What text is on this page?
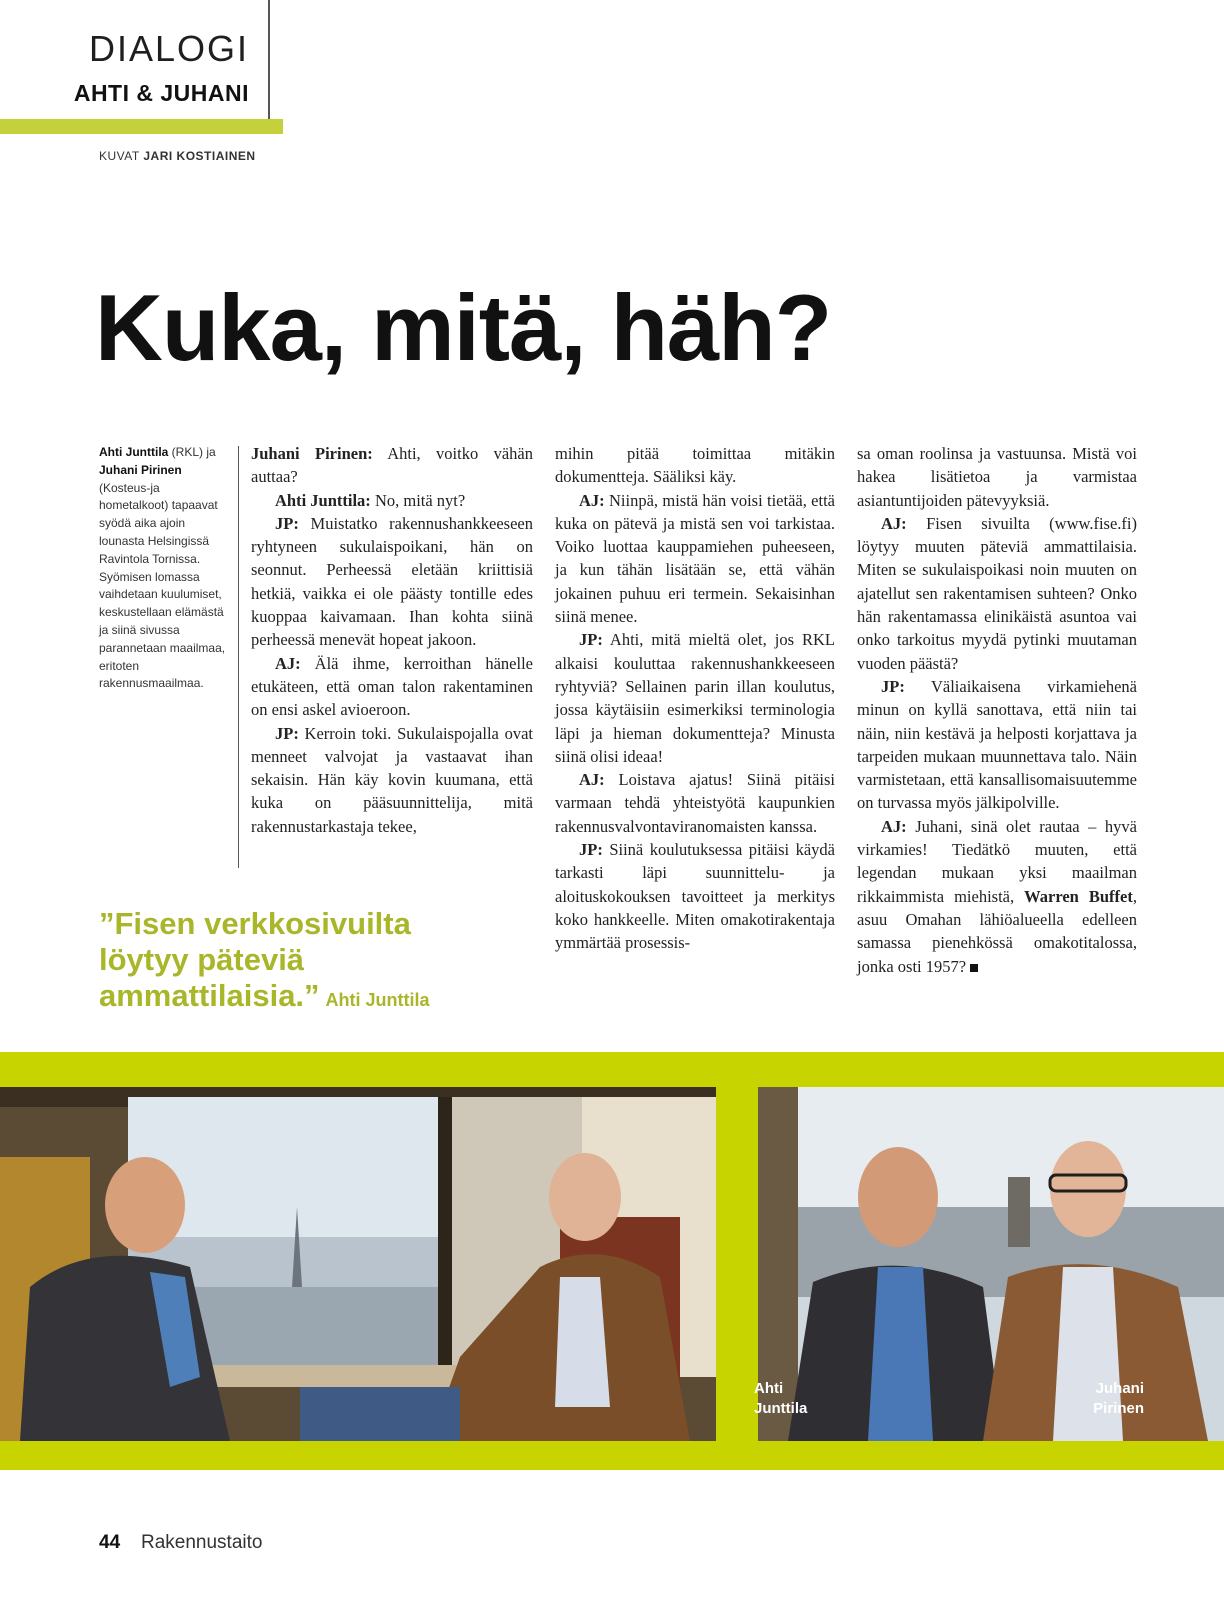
DIALOGI
AHTI & JUHANI
KUVAT JARI KOSTIAINEN
Kuka, mitä, häh?
Ahti Junttila (RKL) ja Juhani Pirinen (Kosteus-ja hometalkoot) tapaavat syödä aika ajoin lounasta Helsingissä Ravintola Tornissa. Syömisen lomassa vaihdetaan kuulumiset, keskustellaan elämästä ja siinä sivussa parannetaan maailmaa, eritoten rakennusmaailmaa.

Juhani Pirinen: Ahti, voitko vähän auttaa?

Ahti Junttila: No, mitä nyt?

JP: Muistatko rakennushankkeeseen ryhtyneen sukulaispoikani, hän on seonnut. Perheessä eletään kriittisiä hetkiä, vaikka ei ole päästy tontille edes kuoppaa kaivamaan. Ihan kohta siinä perheessä menevät hopeat jakoon.

AJ: Älä ihme, kerroithan hänelle etukäteen, että oman talon rakentaminen on ensi askel avioeroon.

JP: Kerroin toki. Sukulaispojalla ovat menneet valvojat ja vastaavat ihan sekaisin. Hän käy kovin kuumana, että kuka on pääsuunnittelija, mitä rakennustarkastaja tekee,

mihin pitää toimittaa mitäkin dokumentteja. Sääliksi käy.

AJ: Niinpä, mistä hän voisi tietää, että kuka on pätevä ja mistä sen voi tarkistaa. Voiko luottaa kauppamiehen puheeseen, ja kun tähän lisätään se, että vähän jokainen puhuu eri termein. Sekaisinhan siinä menee.

JP: Ahti, mitä mieltä olet, jos RKL alkaisi kouluttaa rakennushankkeeseen ryhtyviä? Sellainen parin illan koulutus, jossa käytäisiin esimerkiksi terminologia läpi ja hieman dokumentteja? Minusta siinä olisi ideaa!

AJ: Loistava ajatus! Siinä pitäisi varmaan tehdä yhteistyötä kaupunkien rakennusvalvontaviranomaisten kanssa.

JP: Siinä koulutuksessa pitäisi käydä tarkasti läpi suunnittelu- ja aloituskokouksen tavoitteet ja merkitys koko hankkeelle. Miten omakotirakentaja ymmärtää prosessis-

sa oman roolinsa ja vastuunsa. Mistä voi hakea lisätietoa ja varmistaa asiantuntijoiden pätevyyksiä.

AJ: Fisen sivuilta (www.fise.fi) löytyy muuten päteviä ammattilaisia. Miten se sukulaispoikasi noin muuten on ajatellut sen rakentamisen suhteen? Onko hän rakentamassa elinikäistä asuntoa vai onko tarkoitus myydä pytinki muutaman vuoden päästä?

JP: Väliaikaisena virkamiehenä minun on kyllä sanottava, että niin tai näin, niin kestävä ja helposti korjattava ja tarpeiden mukaan muunnettava talo. Näin varmistetaan, että kansallisomaisuutemme on turvassa myös jälkipolville.

AJ: Juhani, sinä olet rautaa – hyvä virkamies! Tiedätkö muuten, että legendan mukaan yksi maailman rikkaimmista miehistä, Warren Buffet, asuu Omahan lähiöalueella edelleen samassa pienehkössä omakotitalossa, jonka osti 1957?

”Fisen verkkosivuilta löytyy päteviä ammattilaisia.” Ahti Junttila
Ahti
Junttila
Juhani
Pirinen
44 Rakennustaito
